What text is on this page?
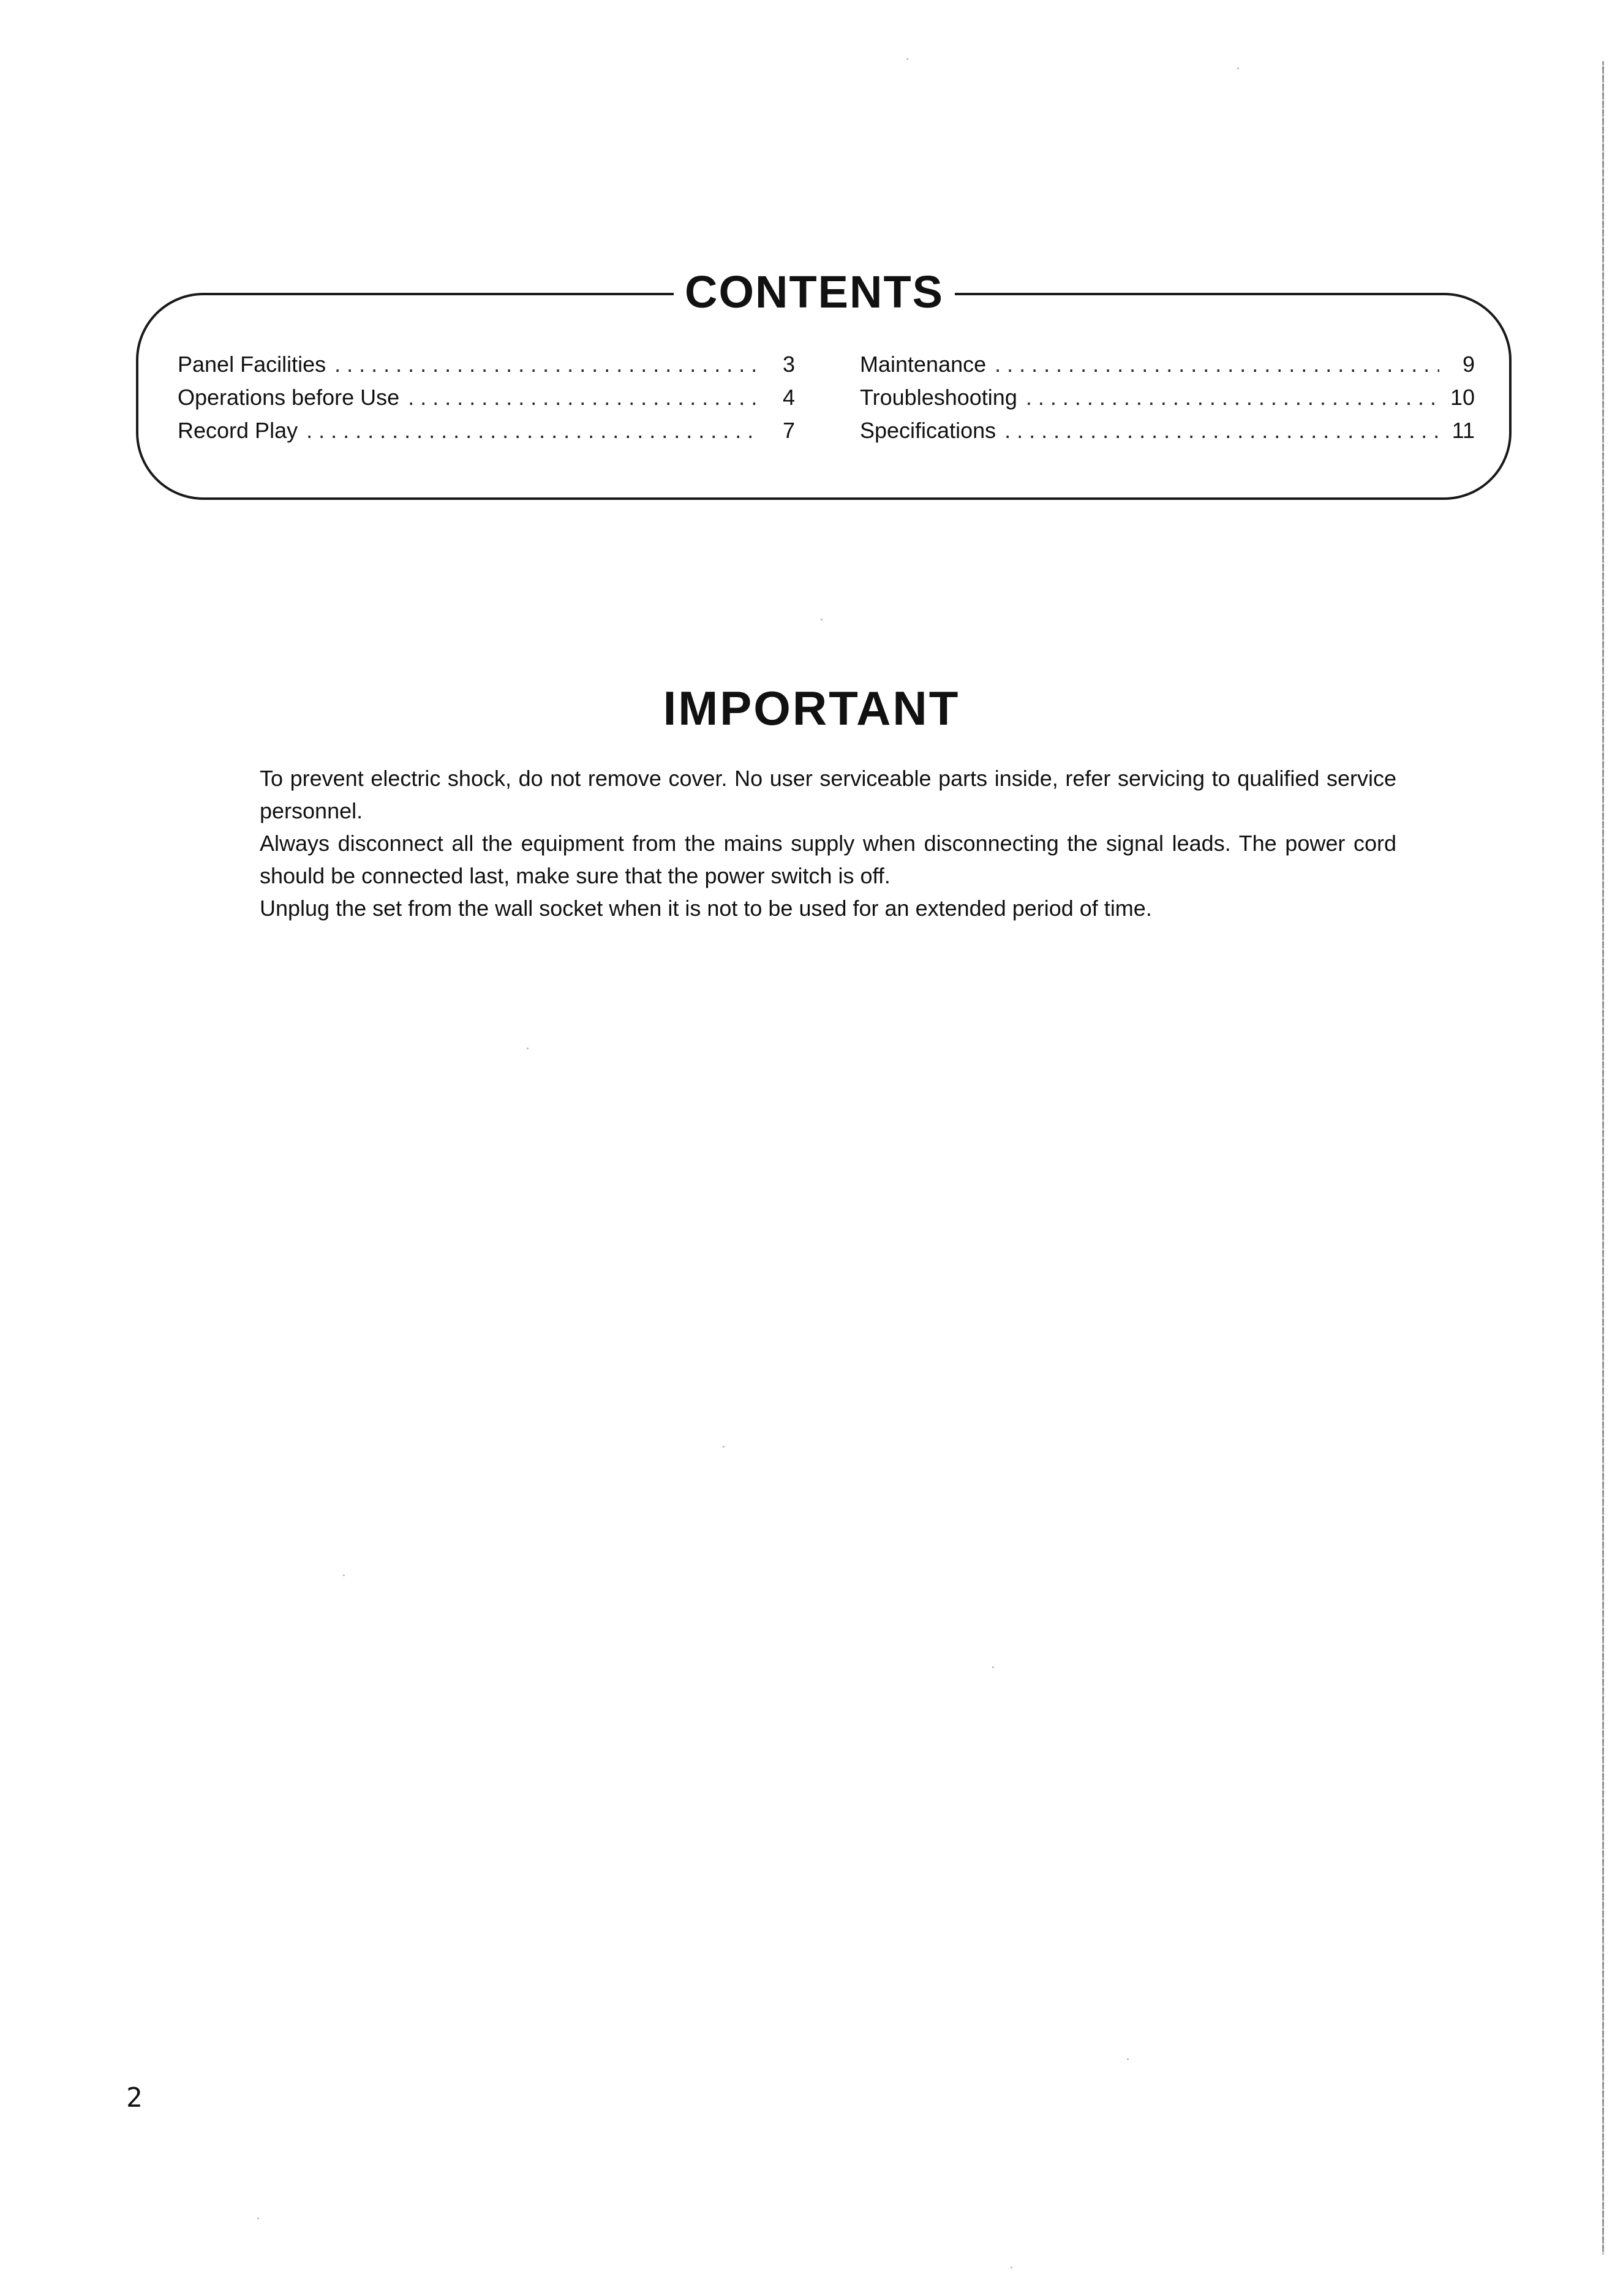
CONTENTS
Panel Facilities . . .	3
Operations before Use . . .	4
Record Play . . .	7
Maintenance . . .	9
Troubleshooting . . .	10
Specifications . . .	11
IMPORTANT

To prevent electric shock, do not remove cover. No user serviceable parts inside, refer servicing to qualified service personnel.

Always disconnect all the equipment from the mains supply when disconnecting the signal leads. The power cord should be connected last, make sure that the power switch is off.

Unplug the set from the wall socket when it is not to be used for an extended period of time.

2
